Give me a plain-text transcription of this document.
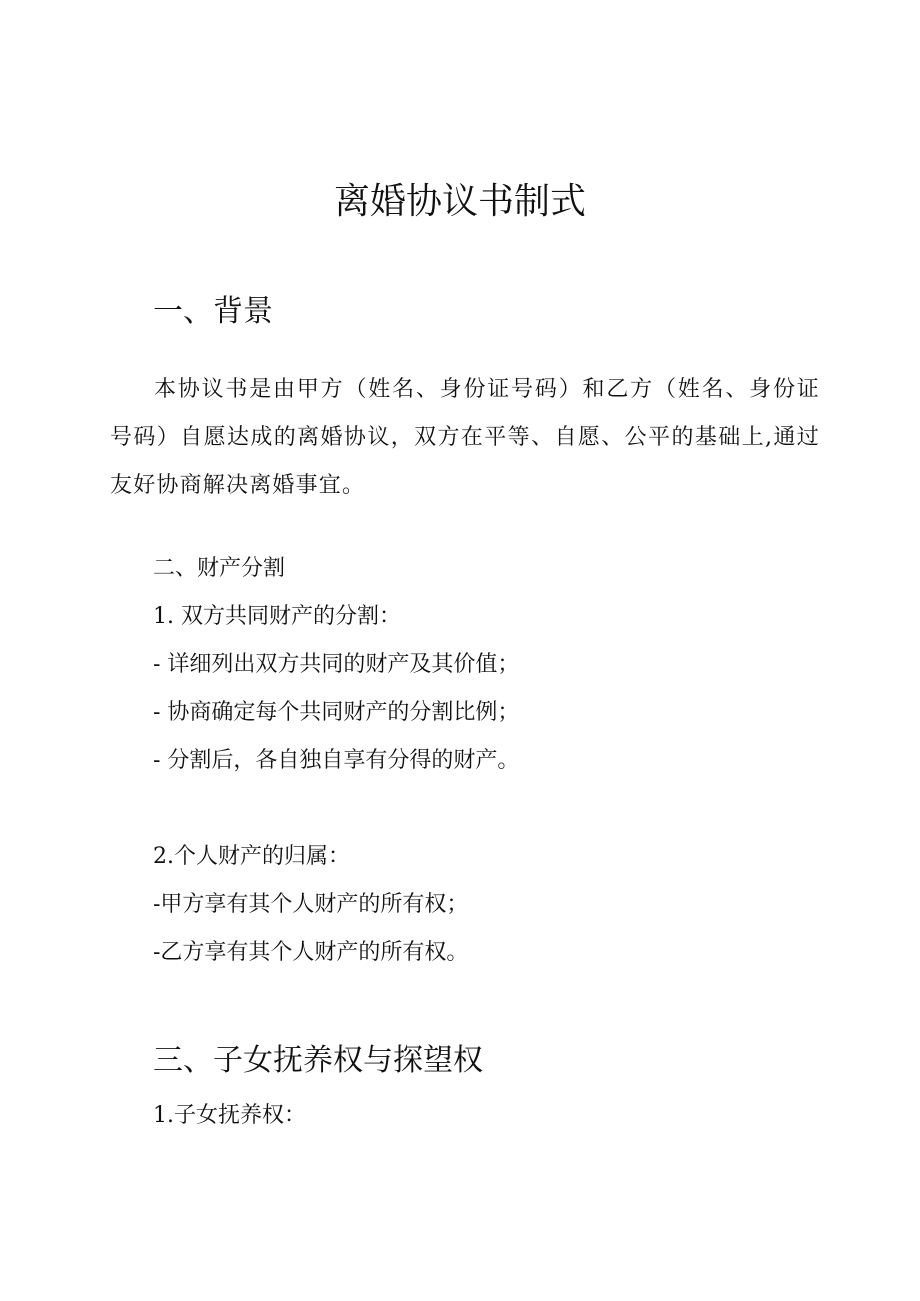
离婚协议书制式
一、背景

本协议书是由甲方（姓名、身份证号码）和乙方（姓名、身份证号码）自愿达成的离婚协议，双方在平等、自愿、公平的基础上,通过友好协商解决离婚事宜。

二、财产分割

1. 双方共同财产的分割：

- 详细列出双方共同的财产及其价值；

- 协商确定每个共同财产的分割比例；

- 分割后，各自独自享有分得的财产。

2.个人财产的归属：

-甲方享有其个人财产的所有权；

-乙方享有其个人财产的所有权。

三、子女抚养权与探望权

1.子女抚养权：
